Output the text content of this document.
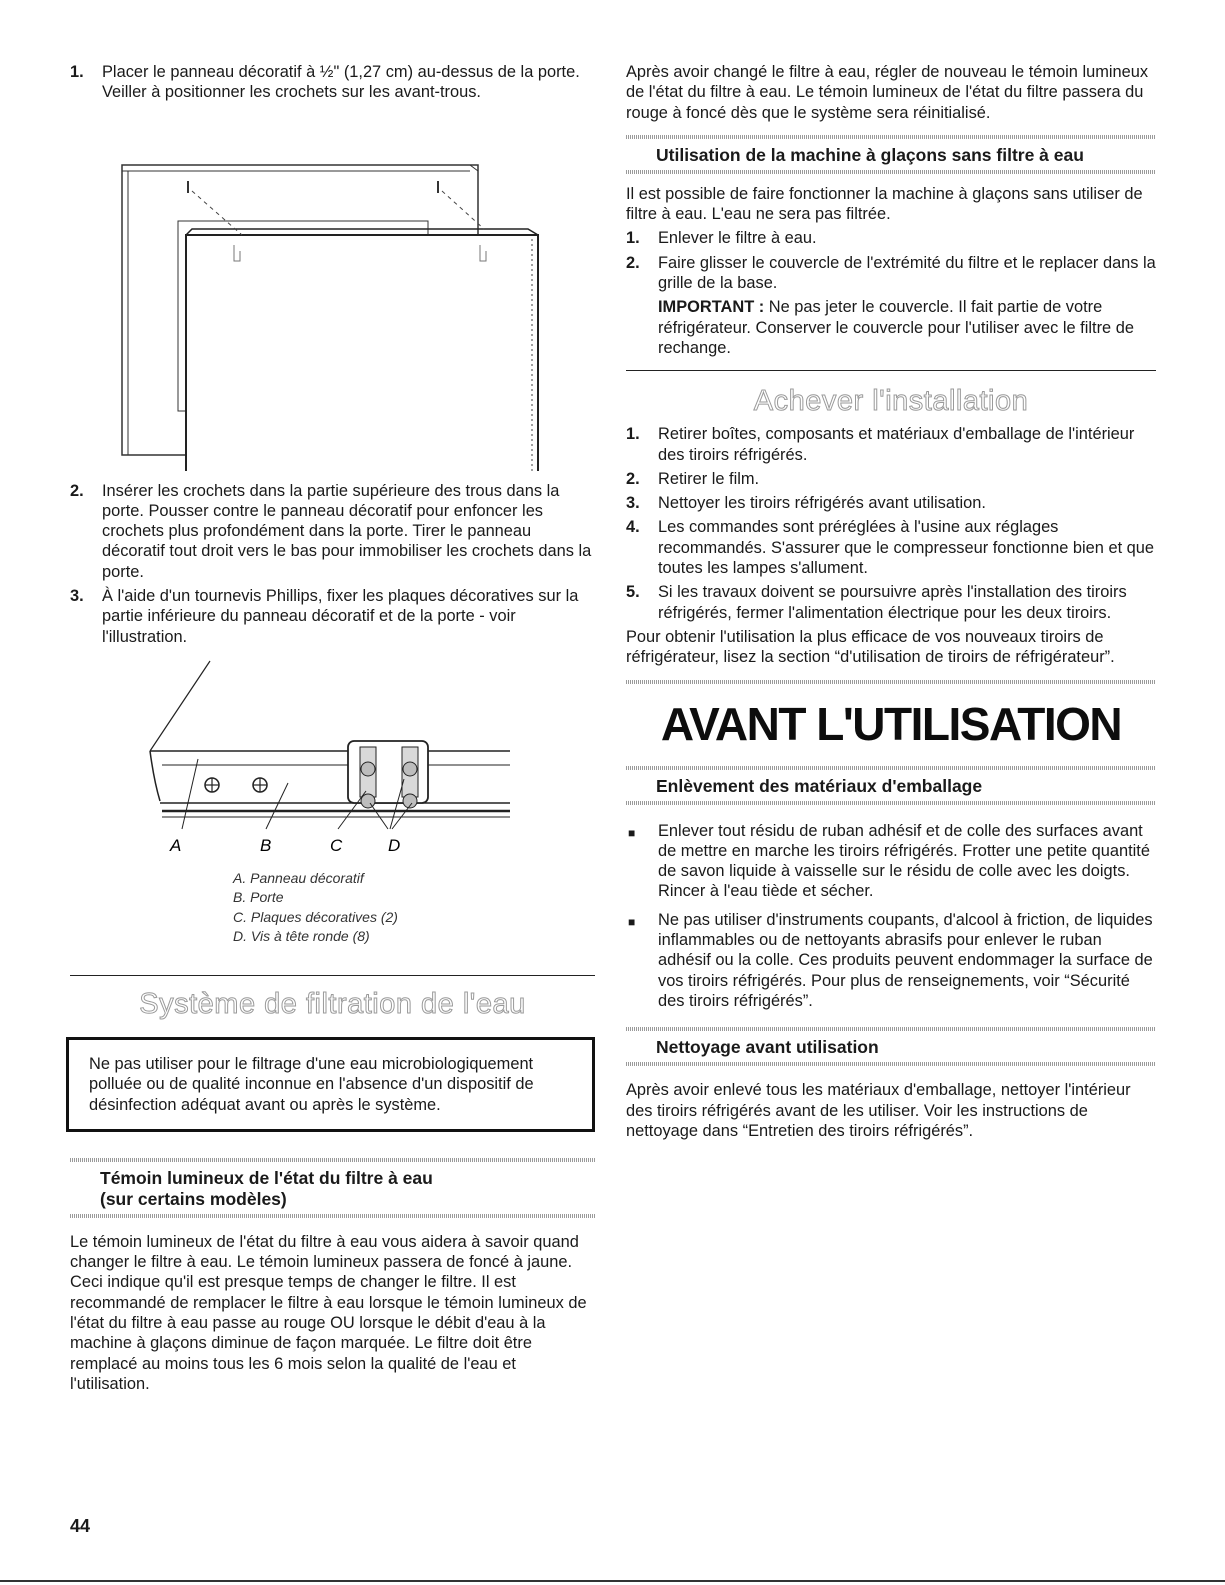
1. Placer le panneau décoratif à ½" (1,27 cm) au-dessus de la porte. Veiller à positionner les crochets sur les avant-trous.
2. Insérer les crochets dans la partie supérieure des trous dans la porte. Pousser contre le panneau décoratif pour enfoncer les crochets plus profondément dans la porte. Tirer le panneau décoratif tout droit vers le bas pour immobiliser les crochets dans la porte.
3. À l'aide d'un tournevis Phillips, fixer les plaques décoratives sur la partie inférieure du panneau décoratif et de la porte - voir l'illustration.
A	B	C	D
A. Panneau décoratif
B. Porte
C. Plaques décoratives (2)
D. Vis à tête ronde (8)
Système de filtration de l'eau
Ne pas utiliser pour le filtrage d'une eau microbiologiquement polluée ou de qualité inconnue en l'absence d'un dispositif de désinfection adéquat avant ou après le système.
Témoin lumineux de l'état du filtre à eau
(sur certains modèles)

Le témoin lumineux de l'état du filtre à eau vous aidera à savoir quand changer le filtre à eau. Le témoin lumineux passera de foncé à jaune. Ceci indique qu'il est presque temps de changer le filtre. Il est recommandé de remplacer le filtre à eau lorsque le témoin lumineux de l'état du filtre à eau passe au rouge OU lorsque le débit d'eau à la machine à glaçons diminue de façon marquée. Le filtre doit être remplacé au moins tous les 6 mois selon la qualité de l'eau et l'utilisation.

Après avoir changé le filtre à eau, régler de nouveau le témoin lumineux de l'état du filtre à eau. Le témoin lumineux de l'état du filtre passera du rouge à foncé dès que le système sera réinitialisé.

Utilisation de la machine à glaçons sans filtre à eau

Il est possible de faire fonctionner la machine à glaçons sans utiliser de filtre à eau. L'eau ne sera pas filtrée.

1. Enlever le filtre à eau.
2. Faire glisser le couvercle de l'extrémité du filtre et le replacer dans la grille de la base.
IMPORTANT : Ne pas jeter le couvercle. Il fait partie de votre réfrigérateur. Conserver le couvercle pour l'utiliser avec le filtre de rechange.
Achever l'installation
1. Retirer boîtes, composants et matériaux d'emballage de l'intérieur des tiroirs réfrigérés.
2. Retirer le film.
3. Nettoyer les tiroirs réfrigérés avant utilisation.
4. Les commandes sont préréglées à l'usine aux réglages recommandés. S'assurer que le compresseur fonctionne bien et que toutes les lampes s'allument.
5. Si les travaux doivent se poursuivre après l'installation des tiroirs réfrigérés, fermer l'alimentation électrique pour les deux tiroirs.

Pour obtenir l'utilisation la plus efficace de vos nouveaux tiroirs de réfrigérateur, lisez la section “d'utilisation de tiroirs de réfrigérateur”.

AVANT L'UTILISATION
Enlèvement des matériaux d'emballage
■ Enlever tout résidu de ruban adhésif et de colle des surfaces avant de mettre en marche les tiroirs réfrigérés. Frotter une petite quantité de savon liquide à vaisselle sur le résidu de colle avec les doigts. Rincer à l'eau tiède et sécher.
■ Ne pas utiliser d'instruments coupants, d'alcool à friction, de liquides inflammables ou de nettoyants abrasifs pour enlever le ruban adhésif ou la colle. Ces produits peuvent endommager la surface de vos tiroirs réfrigérés. Pour plus de renseignements, voir “Sécurité des tiroirs réfrigérés”.
Nettoyage avant utilisation

Après avoir enlevé tous les matériaux d'emballage, nettoyer l'intérieur des tiroirs réfrigérés avant de les utiliser. Voir les instructions de nettoyage dans “Entretien des tiroirs réfrigérés”.

44
